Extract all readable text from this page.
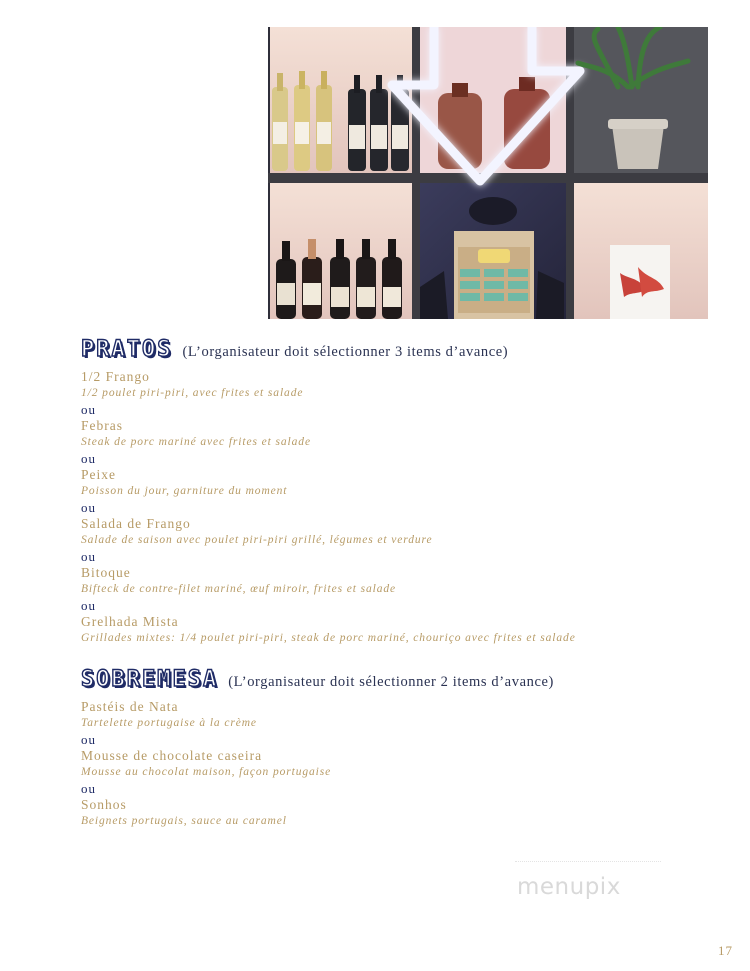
PRATOS (L’organisateur doit sélectionner 3 items d’avance)
1/2 Frango
1/2 poulet piri-piri, avec frites et salade
ou
Febras
Steak de porc mariné avec frites et salade
ou
Peixe
Poisson du jour, garniture du moment
ou
Salada de Frango
Salade de saison avec poulet piri-piri grillé, légumes et verdure
ou
Bitoque
Bifteck de contre-filet mariné, œuf miroir, frites et salade
ou
Grelhada Mista
Grillades mixtes: 1/4 poulet piri-piri, steak de porc mariné, chouriço avec frites et salade
SOBREMESA (L’organisateur doit sélectionner 2 items d’avance)
Pastéis de Nata
Tartelette portugaise à la crème
ou
Mousse de chocolate caseira
Mousse au chocolat maison, façon portugaise
ou
Sonhos
Beignets portugais, sauce au caramel
menupix
17
